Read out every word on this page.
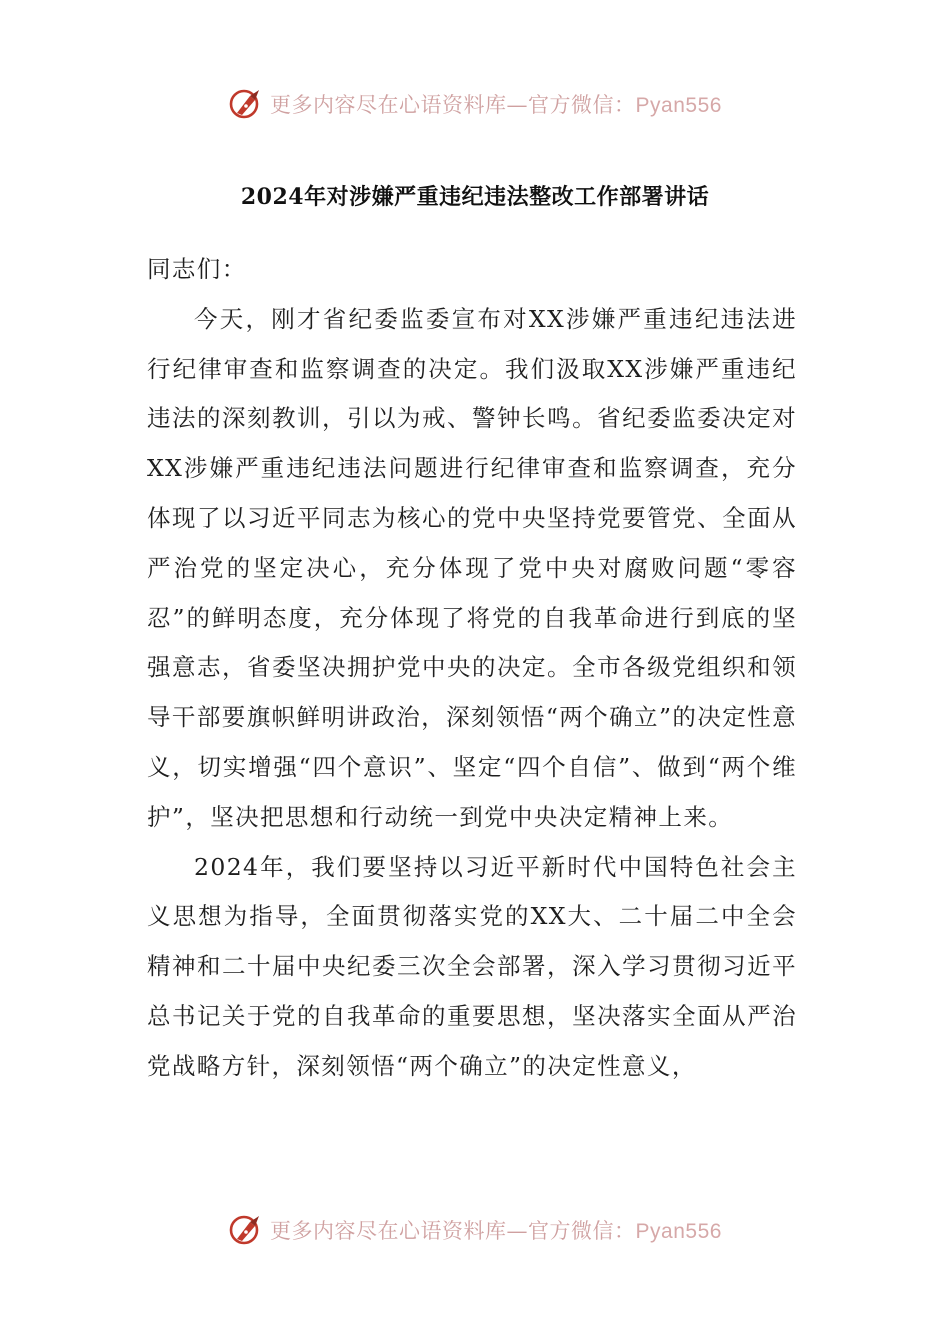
更多内容尽在心语资料库—官方微信：Pyan556
2024年对涉嫌严重违纪违法整改工作部署讲话

同志们：

今天，刚才省纪委监委宣布对XX涉嫌严重违纪违法进行纪律审查和监察调查的决定。我们汲取XX涉嫌严重违纪违法的深刻教训，引以为戒、警钟长鸣。省纪委监委决定对XX涉嫌严重违纪违法问题进行纪律审查和监察调查，充分体现了以习近平同志为核心的党中央坚持党要管党、全面从严治党的坚定决心，充分体现了党中央对腐败问题“零容忍”的鲜明态度，充分体现了将党的自我革命进行到底的坚强意志，省委坚决拥护党中央的决定。全市各级党组织和领导干部要旗帜鲜明讲政治，深刻领悟“两个确立”的决定性意义，切实增强“四个意识”、坚定“四个自信”、做到“两个维护”，坚决把思想和行动统一到党中央决定精神上来。

2024年，我们要坚持以习近平新时代中国特色社会主义思想为指导，全面贯彻落实党的XX大、二十届二中全会精神和二十届中央纪委三次全会部署，深入学习贯彻习近平总书记关于党的自我革命的重要思想，坚决落实全面从严治党战略方针，深刻领悟“两个确立”的决定性意义，

更多内容尽在心语资料库—官方微信：Pyan556
